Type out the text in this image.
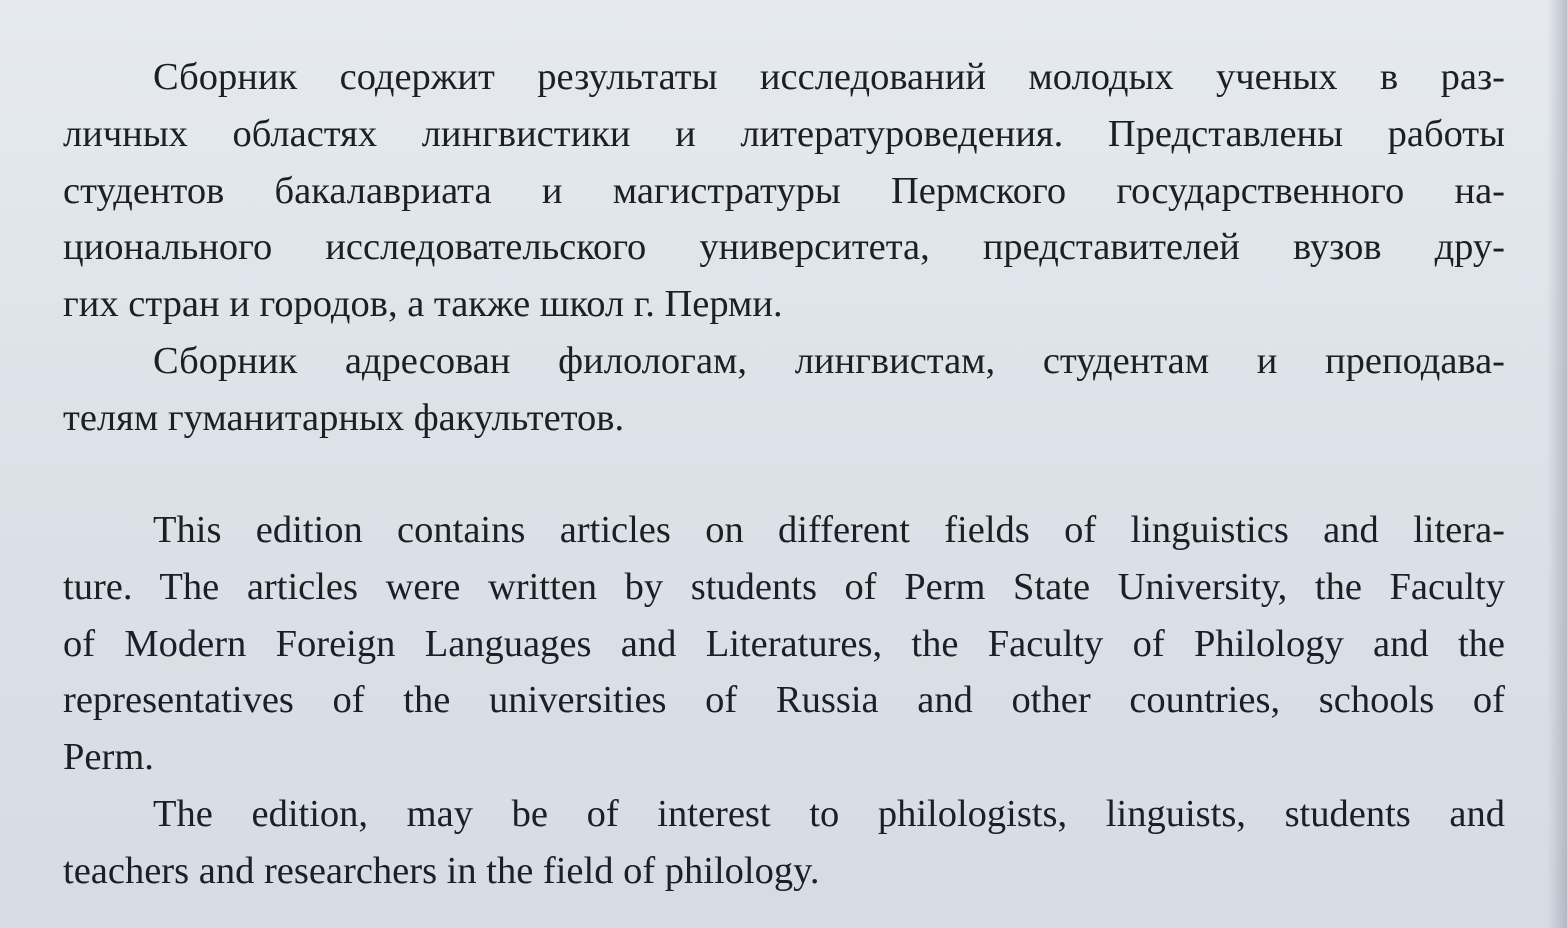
Сборник содержит результаты исследований молодых ученых в раз-
личных областях лингвистики и литературоведения. Представлены работы
студентов бакалавриата и магистратуры Пермского государственного на-
ционального исследовательского университета, представителей вузов дру-
гих стран и городов, а также школ г. Перми.
Сборник адресован филологам, лингвистам, студентам и преподава-
телям гуманитарных факультетов.
This edition contains articles on different fields of linguistics and litera-
ture. The articles were written by students of Perm State University, the Faculty
of Modern Foreign Languages and Literatures, the Faculty of Philology and the
representatives of the universities of Russia and other countries, schools of
Perm.
The edition, may be of interest to philologists, linguists, students and
teachers and researchers in the field of philology.
